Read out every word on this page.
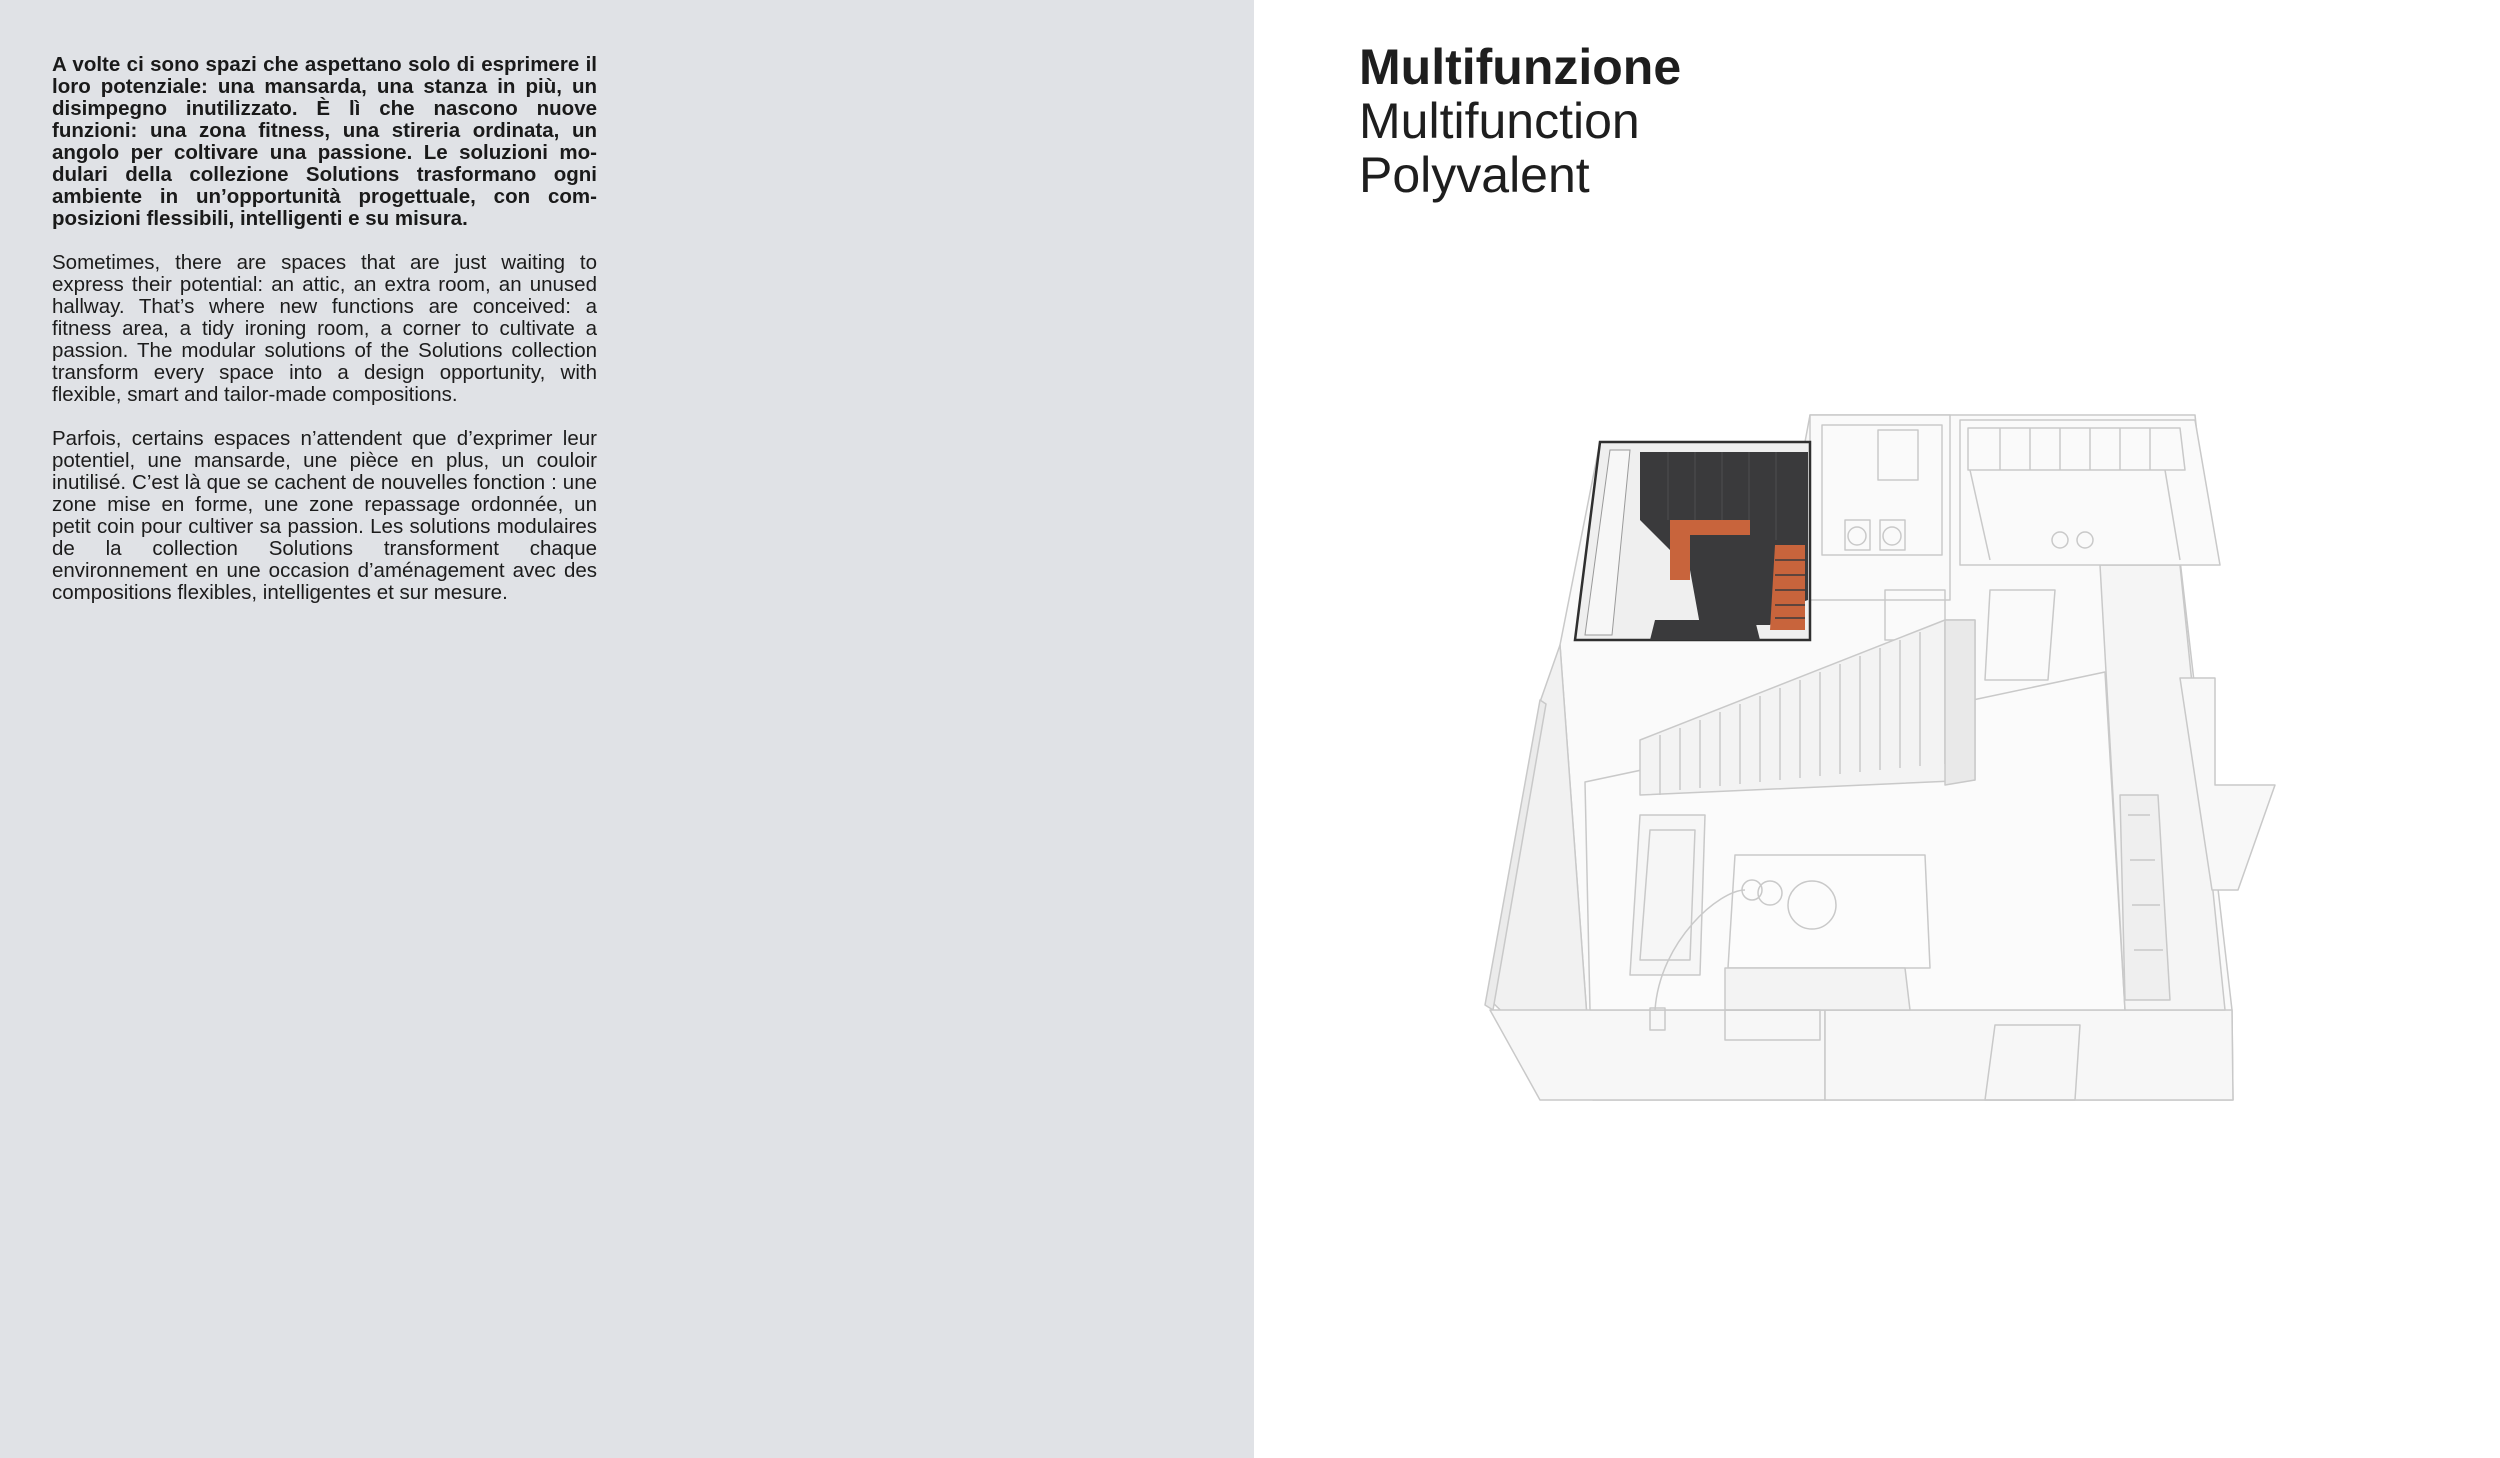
A volte ci sono spazi che aspettano solo di esprimere il loro potenziale: una mansarda, una stanza in più, un disimpegno inutilizzato. È lì che nascono nuove funzioni: una zona fitness, una stireria ordinata, un angolo per coltivare una passione. Le soluzioni modulari della collezione Solutions trasformano ogni ambiente in un’opportunità progettuale, con composizioni flessibili, intelligenti e su misura.

Sometimes, there are spaces that are just waiting to express their potential: an attic, an extra room, an unused hallway. That’s where new functions are conceived: a fitness area, a tidy ironing room, a corner to cultivate a passion. The modular solutions of the Solutions collection transform every space into a design opportunity, with flexible, smart and tailor-made compositions.

Parfois, certains espaces n’attendent que d’exprimer leur potentiel, une mansarde, une pièce en plus, un couloir inutilisé. C’est là que se cachent de nouvelles fonction : une zone mise en forme, une zone repassage ordonnée, un petit coin pour cultiver sa passion. Les solutions modulaires de la collection Solutions transforment chaque environnement en une occasion d’aménagement avec des compositions flexibles, intelligentes et sur mesure.

Multifunzione
Multifunction
Polyvalent
